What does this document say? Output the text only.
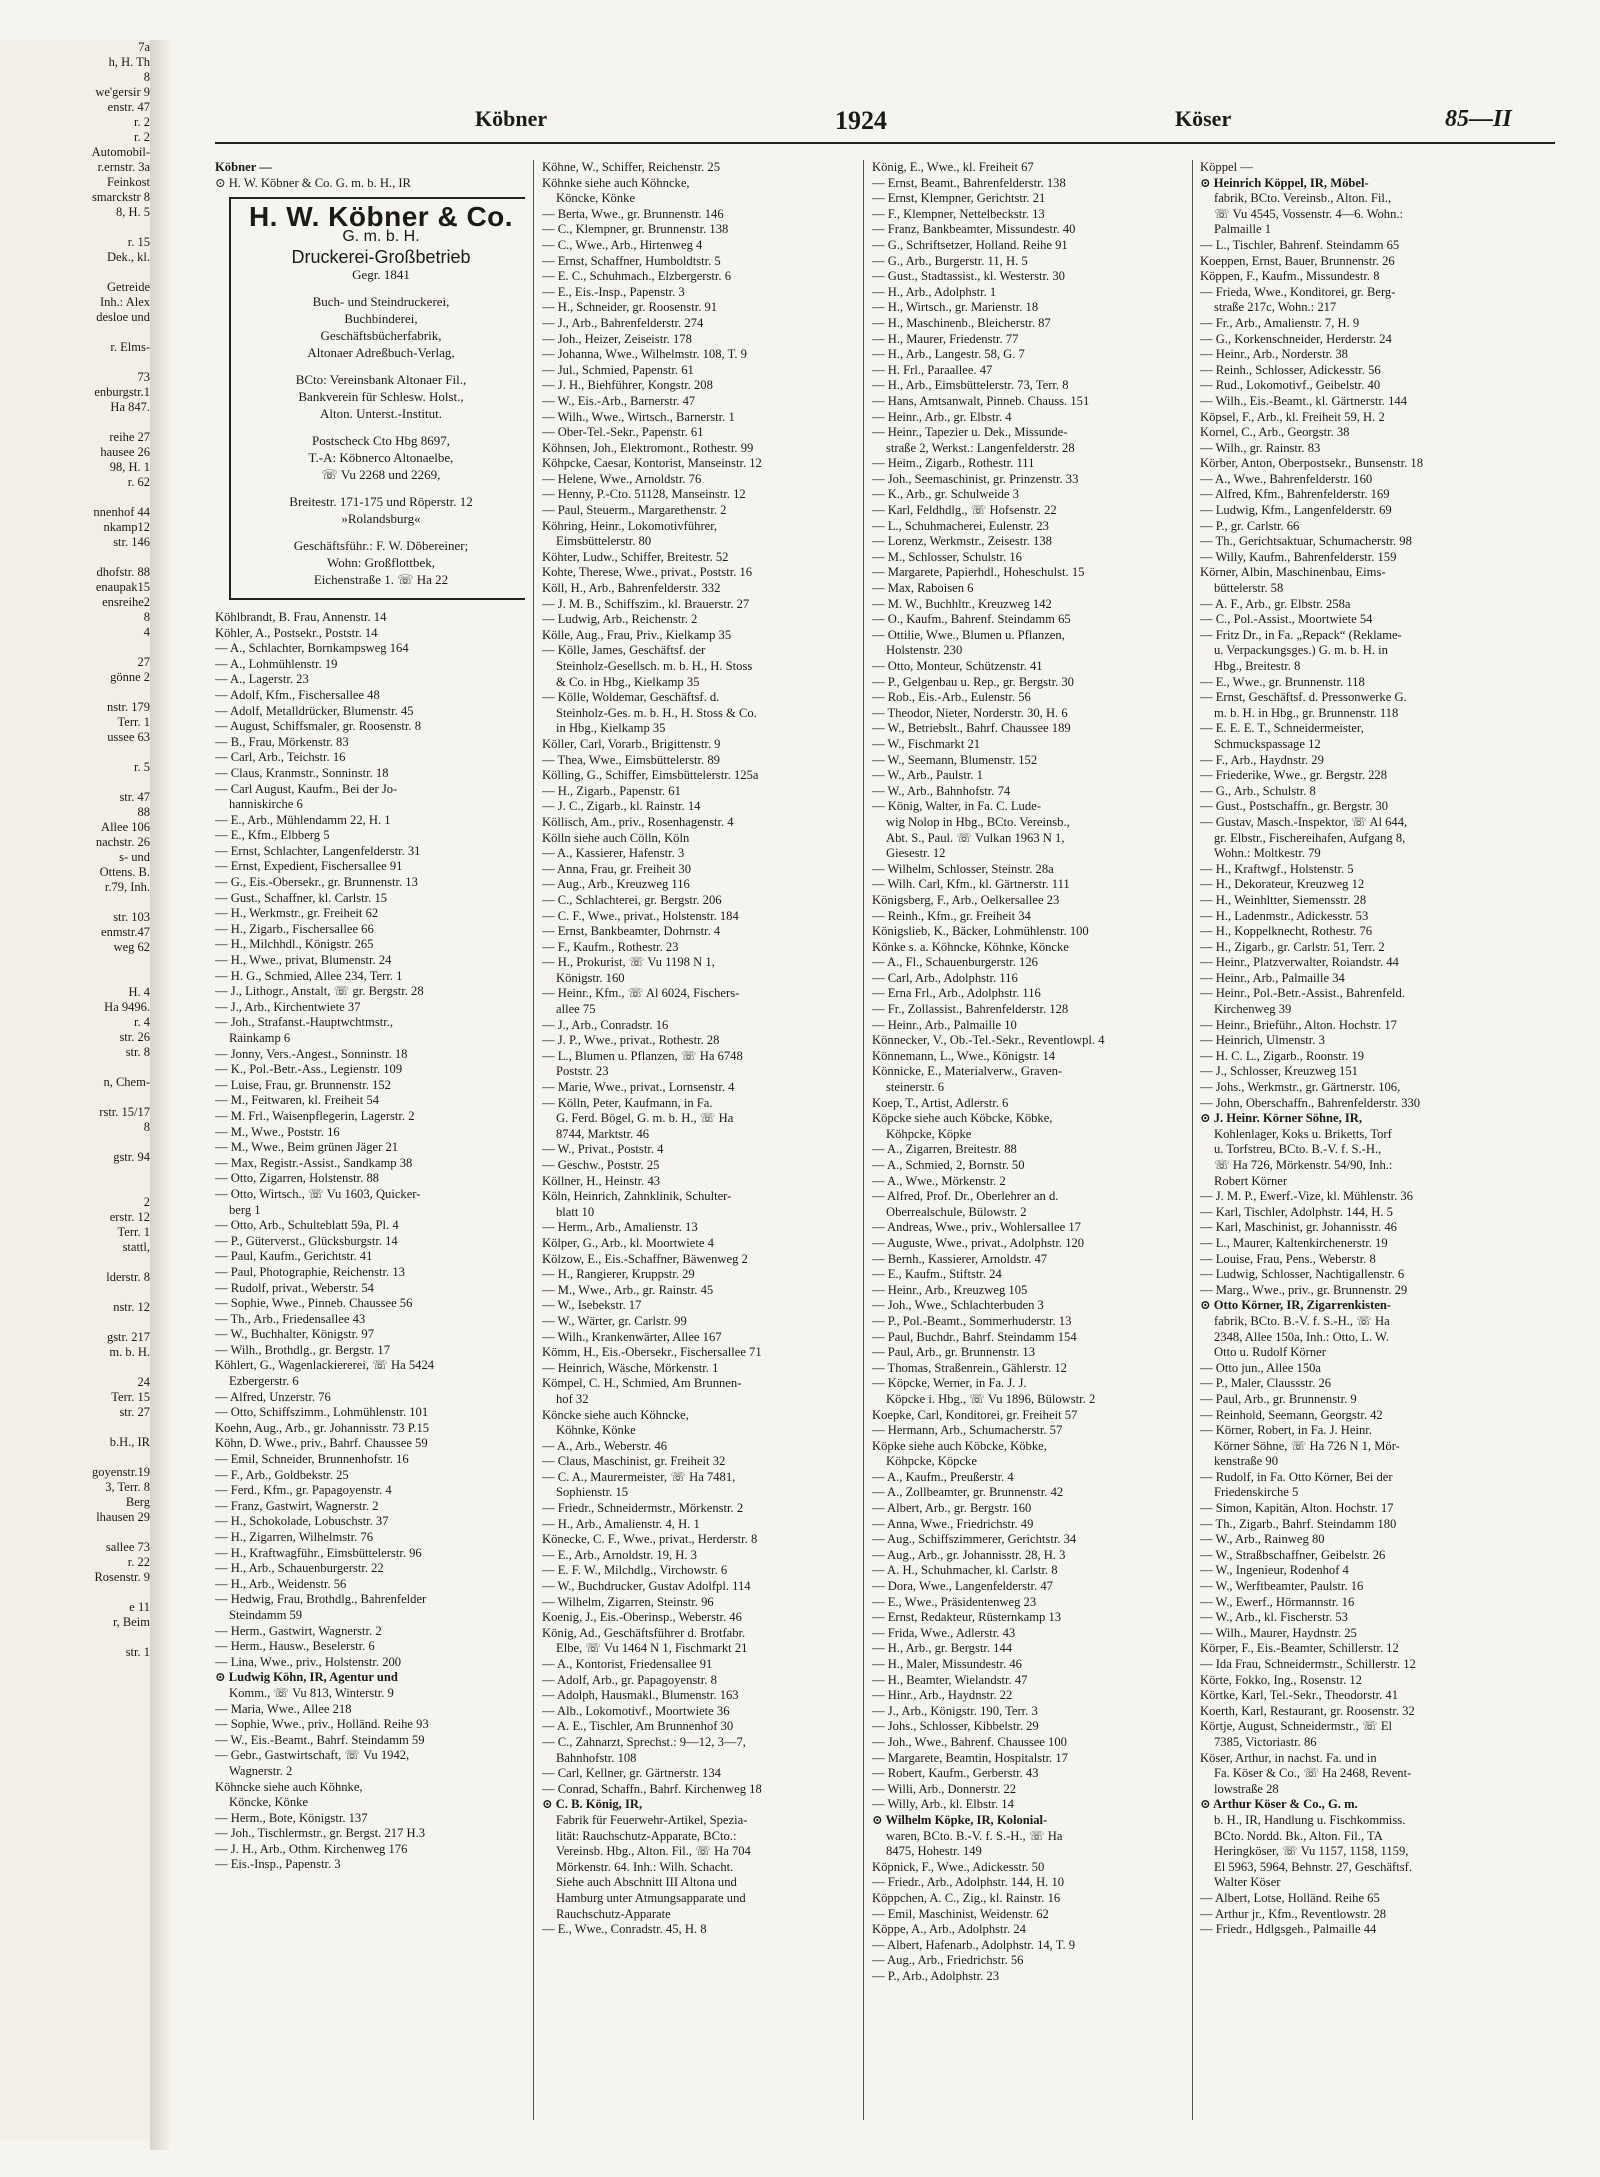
7a
h, H. Th
8
we'gersir 9
enstr. 47
r. 2
r. 2
Automobil-
r.ernstr. 3a
Feinkost
smarckstr 8
8, H. 5

r. 15
Dek., kl.

Getreide
Inh.: Alex
desloe und

r. Elms-

73
enburgstr.1
Ha 847.

reihe 27
hausee 26
98, H. 1
r. 62

nnenhof 44
nkamp12
str. 146

dhofstr. 88
enaupak15
ensreihe2
8
4

27
gönne 2

nstr. 179
Terr. 1
ussee 63

r. 5

str. 47
88
Allee 106
nachstr. 26
s- und
Ottens. B.
r.79, Inh.

str. 103
enmstr.47
weg 62

H. 4
Ha 9496.
r. 4
str. 26
str. 8

n, Chem-

rstr. 15/17
8

gstr. 94

2
erstr. 12
Terr. 1
stattl,

lderstr. 8

nstr. 12

gstr. 217
m. b. H.

24
Terr. 15
str. 27

b.H., IR

goyenstr.19
3, Terr. 8
Berg
lhausen 29

sallee 73
r. 22
Rosenstr. 9

e 11
r, Beim

str. 1
Köbner	1924	Köser	85—II
Köbner —
⊙ H. W. Köbner & Co. G. m. b. H., IR
H. W. Köbner & Co.
G. m. b. H.
Druckerei-Großbetrieb
Gegr. 1841
Buch- und Steindruckerei,
Buchbinderei,
Geschäftsbücherfabrik,
Altonaer Adreßbuch-Verlag,
BCto: Vereinsbank Altonaer Fil.,
Bankverein für Schlesw. Holst.,
Alton. Unterst.-Institut.
Postscheck Cto Hbg 8697,
T.-A: Köbnerco Altonaelbe,
☏ Vu 2268 und 2269,
Breitestr. 171-175 und Röperstr. 12
»Rolandsburg«
Geschäftsführ.: F. W. Döbereiner;
Wohn: Großflottbek,
Eichenstraße 1. ☏ Ha 22
Köhlbrandt, B. Frau, Annenstr. 14
Köhler, A., Postsekr., Poststr. 14
— A., Schlachter, Bornkampsweg 164
— A., Lohmühlenstr. 19
— A., Lagerstr. 23
— Adolf, Kfm., Fischersallee 48
— Adolf, Metalldrücker, Blumenstr. 45
— August, Schiffsmaler, gr. Roosenstr. 8
— B., Frau, Mörkenstr. 83
— Carl, Arb., Teichstr. 16
— Claus, Kranmstr., Sonninstr. 18
— Carl August, Kaufm., Bei der Jo-
hanniskirche 6
— E., Arb., Mühlendamm 22, H. 1
— E., Kfm., Elbberg 5
— Ernst, Schlachter, Langenfelderstr. 31
— Ernst, Expedient, Fischersallee 91
— G., Eis.-Obersekr., gr. Brunnenstr. 13
— Gust., Schaffner, kl. Carlstr. 15
— H., Werkmstr., gr. Freiheit 62
— H., Zigarb., Fischersallee 66
— H., Milchhdl., Königstr. 265
— H., Wwe., privat, Blumenstr. 24
— H. G., Schmied, Allee 234, Terr. 1
— J., Lithogr., Anstalt, ☏ gr. Bergstr. 28
— J., Arb., Kirchentwiete 37
— Joh., Strafanst.-Hauptwchtmstr.,
Rainkamp 6
— Jonny, Vers.-Angest., Sonninstr. 18
— K., Pol.-Betr.-Ass., Legienstr. 109
— Luise, Frau, gr. Brunnenstr. 152
— M., Feitwaren, kl. Freiheit 54
— M. Frl., Waisenpflegerin, Lagerstr. 2
— M., Wwe., Poststr. 16
— M., Wwe., Beim grünen Jäger 21
— Max, Registr.-Assist., Sandkamp 38
— Otto, Zigarren, Holstenstr. 88
— Otto, Wirtsch., ☏ Vu 1603, Quicker-
berg 1
— Otto, Arb., Schulteblatt 59a, Pl. 4
— P., Güterverst., Glücksburgstr. 14
— Paul, Kaufm., Gerichtstr. 41
— Paul, Photographie, Reichenstr. 13
— Rudolf, privat., Weberstr. 54
— Sophie, Wwe., Pinneb. Chaussee 56
— Th., Arb., Friedensallee 43
— W., Buchhalter, Königstr. 97
— Wilh., Brothdlg., gr. Bergstr. 17
Köhlert, G., Wagenlackiererei, ☏ Ha 5424
Ezbergerstr. 6
— Alfred, Unzerstr. 76
— Otto, Schiffszimm., Lohmühlenstr. 101
Koehn, Aug., Arb., gr. Johannisstr. 73 P.15
Köhn, D. Wwe., priv., Bahrf. Chaussee 59
— Emil, Schneider, Brunnenhofstr. 16
— F., Arb., Goldbekstr. 25
— Ferd., Kfm., gr. Papagoyenstr. 4
— Franz, Gastwirt, Wagnerstr. 2
— H., Schokolade, Lobuschstr. 37
— H., Zigarren, Wilhelmstr. 76
— H., Kraftwagführ., Eimsbüttelerstr. 96
— H., Arb., Schauenburgerstr. 22
— H., Arb., Weidenstr. 56
— Hedwig, Frau, Brothdlg., Bahrenfelder
Steindamm 59
— Herm., Gastwirt, Wagnerstr. 2
— Herm., Hausw., Beselerstr. 6
— Lina, Wwe., priv., Holstenstr. 200
⊙ Ludwig Köhn, IR, Agentur und
Komm., ☏ Vu 813, Winterstr. 9
— Maria, Wwe., Allee 218
— Sophie, Wwe., priv., Holländ. Reihe 93
— W., Eis.-Beamt., Bahrf. Steindamm 59
— Gebr., Gastwirtschaft, ☏ Vu 1942,
Wagnerstr. 2
Köhncke siehe auch Köhnke,
Köncke, Könke
— Herm., Bote, Königstr. 137
— Joh., Tischlermstr., gr. Bergst. 217 H.3
— J. H., Arb., Othm. Kirchenweg 176
— Eis.-Insp., Papenstr. 3
Köhne, W., Schiffer, Reichenstr. 25
Köhnke siehe auch Köhncke,
Köncke, Könke
— Berta, Wwe., gr. Brunnenstr. 146
— C., Klempner, gr. Brunnenstr. 138
— C., Wwe., Arb., Hirtenweg 4
— Ernst, Schaffner, Humboldtstr. 5
— E. C., Schuhmach., Elzbergerstr. 6
— E., Eis.-Insp., Papenstr. 3
— H., Schneider, gr. Roosenstr. 91
— J., Arb., Bahrenfelderstr. 274
— Joh., Heizer, Zeiseistr. 178
— Johanna, Wwe., Wilhelmstr. 108, T. 9
— Jul., Schmied, Papenstr. 61
— J. H., Biehführer, Kongstr. 208
— W., Eis.-Arb., Barnerstr. 47
— Wilh., Wwe., Wirtsch., Barnerstr. 1
— Ober-Tel.-Sekr., Papenstr. 61
Köhnsen, Joh., Elektromont., Rothestr. 99
Köhpcke, Caesar, Kontorist, Manseinstr. 12
— Helene, Wwe., Arnoldstr. 76
— Henny, P.-Cto. 51128, Manseinstr. 12
— Paul, Steuerm., Margarethenstr. 2
Köhring, Heinr., Lokomotivführer,
Eimsbüttelerstr. 80
Köhter, Ludw., Schiffer, Breitestr. 52
Kohte, Therese, Wwe., privat., Poststr. 16
Köll, H., Arb., Bahrenfelderstr. 332
— J. M. B., Schiffszim., kl. Brauerstr. 27
— Ludwig, Arb., Reichenstr. 2
Kölle, Aug., Frau, Priv., Kielkamp 35
— Kölle, James, Geschäftsf. der
Steinholz-Gesellsch. m. b. H., H. Stoss
& Co. in Hbg., Kielkamp 35
— Kölle, Woldemar, Geschäftsf. d.
Steinholz-Ges. m. b. H., H. Stoss & Co.
in Hbg., Kielkamp 35
Köller, Carl, Vorarb., Brigittenstr. 9
— Thea, Wwe., Eimsbüttelerstr. 89
Kölling, G., Schiffer, Eimsbüttelerstr. 125a
— H., Zigarb., Papenstr. 61
— J. C., Zigarb., kl. Rainstr. 14
Köllisch, Am., priv., Rosenhagenstr. 4
Kölln siehe auch Cölln, Köln
— A., Kassierer, Hafenstr. 3
— Anna, Frau, gr. Freiheit 30
— Aug., Arb., Kreuzweg 116
— C., Schlachterei, gr. Bergstr. 206
— C. F., Wwe., privat., Holstenstr. 184
— Ernst, Bankbeamter, Dohrnstr. 4
— F., Kaufm., Rothestr. 23
— H., Prokurist, ☏ Vu 1198 N 1,
Königstr. 160
— Heinr., Kfm., ☏ Al 6024, Fischers-
allee 75
— J., Arb., Conradstr. 16
— J. P., Wwe., privat., Rothestr. 28
— L., Blumen u. Pflanzen, ☏ Ha 6748
Poststr. 23
— Marie, Wwe., privat., Lornsenstr. 4
— Kölln, Peter, Kaufmann, in Fa.
G. Ferd. Bögel, G. m. b. H., ☏ Ha
8744, Marktstr. 46
— W., Privat., Poststr. 4
— Geschw., Poststr. 25
Köllner, H., Heinstr. 43
Köln, Heinrich, Zahnklinik, Schulter-
blatt 10
— Herm., Arb., Amalienstr. 13
Kölper, G., Arb., kl. Moortwiete 4
Kölzow, E., Eis.-Schaffner, Bäwenweg 2
— H., Rangierer, Kruppstr. 29
— M., Wwe., Arb., gr. Rainstr. 45
— W., Isebekstr. 17
— W., Wärter, gr. Carlstr. 99
— Wilh., Krankenwärter, Allee 167
Kömm, H., Eis.-Obersekr., Fischersallee 71
— Heinrich, Wäsche, Mörkenstr. 1
Kömpel, C. H., Schmied, Am Brunnen-
hof 32
Köncke siehe auch Köhncke,
Köhnke, Könke
— A., Arb., Weberstr. 46
— Claus, Maschinist, gr. Freiheit 32
— C. A., Maurermeister, ☏ Ha 7481,
Sophienstr. 15
— Friedr., Schneidermstr., Mörkenstr. 2
— H., Arb., Amalienstr. 4, H. 1
Könecke, C. F., Wwe., privat., Herderstr. 8
— E., Arb., Arnoldstr. 19, H. 3
— E. F. W., Milchdlg., Virchowstr. 6
— W., Buchdrucker, Gustav Adolfpl. 114
— Wilhelm, Zigarren, Steinstr. 96
Koenig, J., Eis.-Oberinsp., Weberstr. 46
König, Ad., Geschäftsführer d. Brotfabr.
Elbe, ☏ Vu 1464 N 1, Fischmarkt 21
— A., Kontorist, Friedensallee 91
— Adolf, Arb., gr. Papagoyenstr. 8
— Adolph, Hausmakl., Blumenstr. 163
— Alb., Lokomotivf., Moortwiete 36
— A. E., Tischler, Am Brunnenhof 30
— C., Zahnarzt, Sprechst.: 9—12, 3—7,
Bahnhofstr. 108
— Carl, Kellner, gr. Gärtnerstr. 134
— Conrad, Schaffn., Bahrf. Kirchenweg 18
⊙ C. B. König, IR,
Fabrik für Feuerwehr-Artikel, Spezia-
lität: Rauchschutz-Apparate, BCto.:
Vereinsb. Hbg., Alton. Fil., ☏ Ha 704
Mörkenstr. 64. Inh.: Wilh. Schacht.
Siehe auch Abschnitt III Altona und
Hamburg unter Atmungsapparate und
Rauchschutz-Apparate
— E., Wwe., Conradstr. 45, H. 8
König, E., Wwe., kl. Freiheit 67
— Ernst, Beamt., Bahrenfelderstr. 138
— Ernst, Klempner, Gerichtstr. 21
— F., Klempner, Nettelbeckstr. 13
— Franz, Bankbeamter, Missundestr. 40
— G., Schriftsetzer, Holland. Reihe 91
— G., Arb., Burgerstr. 11, H. 5
— Gust., Stadtassist., kl. Westerstr. 30
— H., Arb., Adolphstr. 1
— H., Wirtsch., gr. Marienstr. 18
— H., Maschinenb., Bleicherstr. 87
— H., Maurer, Friedenstr. 77
— H., Arb., Langestr. 58, G. 7
— H. Frl., Paraallee. 47
— H., Arb., Eimsbüttelerstr. 73, Terr. 8
— Hans, Amtsanwalt, Pinneb. Chauss. 151
— Heinr., Arb., gr. Elbstr. 4
— Heinr., Tapezier u. Dek., Missunde-
straße 2, Werkst.: Langenfelderstr. 28
— Heim., Zigarb., Rothestr. 111
— Joh., Seemaschinist, gr. Prinzenstr. 33
— K., Arb., gr. Schulweide 3
— Karl, Feldhdlg., ☏ Hofsenstr. 22
— L., Schuhmacherei, Eulenstr. 23
— Lorenz, Werkmstr., Zeisestr. 138
— M., Schlosser, Schulstr. 16
— Margarete, Papierhdl., Hoheschulst. 15
— Max, Raboisen 6
— M. W., Buchhltr., Kreuzweg 142
— O., Kaufm., Bahrenf. Steindamm 65
— Ottilie, Wwe., Blumen u. Pflanzen,
Holstenstr. 230
— Otto, Monteur, Schützenstr. 41
— P., Gelgenbau u. Rep., gr. Bergstr. 30
— Rob., Eis.-Arb., Eulenstr. 56
— Theodor, Nieter, Norderstr. 30, H. 6
— W., Betriebslt., Bahrf. Chaussee 189
— W., Fischmarkt 21
— W., Seemann, Blumenstr. 152
— W., Arb., Paulstr. 1
— W., Arb., Bahnhofstr. 74
— König, Walter, in Fa. C. Lude-
wig Nolop in Hbg., BCto. Vereinsb.,
Abt. S., Paul. ☏ Vulkan 1963 N 1,
Giesestr. 12
— Wilhelm, Schlosser, Steinstr. 28a
— Wilh. Carl, Kfm., kl. Gärtnerstr. 111
Königsberg, F., Arb., Oelkersallee 23
— Reinh., Kfm., gr. Freiheit 34
Königslieb, K., Bäcker, Lohmühlenstr. 100
Könke s. a. Köhncke, Köhnke, Köncke
— A., Fl., Schauenburgerstr. 126
— Carl, Arb., Adolphstr. 116
— Erna Frl., Arb., Adolphstr. 116
— Fr., Zollassist., Bahrenfelderstr. 128
— Heinr., Arb., Palmaille 10
Könnecker, V., Ob.-Tel.-Sekr., Reventlowpl. 4
Könnemann, L., Wwe., Königstr. 14
Könnicke, E., Materialverw., Graven-
steinerstr. 6
Koep, T., Artist, Adlerstr. 6
Köpcke siehe auch Köbcke, Köbke,
Köhpcke, Köpke
— A., Zigarren, Breitestr. 88
— A., Schmied, 2, Bornstr. 50
— A., Wwe., Mörkenstr. 2
— Alfred, Prof. Dr., Oberlehrer an d.
Oberrealschule, Bülowstr. 2
— Andreas, Wwe., priv., Wohlersallee 17
— Auguste, Wwe., privat., Adolphstr. 120
— Bernh., Kassierer, Arnoldstr. 47
— E., Kaufm., Stiftstr. 24
— Heinr., Arb., Kreuzweg 105
— Joh., Wwe., Schlachterbuden 3
— P., Pol.-Beamt., Sommerhuderstr. 13
— Paul, Buchdr., Bahrf. Steindamm 154
— Paul, Arb., gr. Brunnenstr. 13
— Thomas, Straßenrein., Gählerstr. 12
— Köpcke, Werner, in Fa. J. J.
Köpcke i. Hbg., ☏ Vu 1896, Bülowstr. 2
Koepke, Carl, Konditorei, gr. Freiheit 57
— Hermann, Arb., Schumacherstr. 57
Köpke siehe auch Köbcke, Köbke,
Köhpcke, Köpcke
— A., Kaufm., Preußerstr. 4
— A., Zollbeamter, gr. Brunnenstr. 42
— Albert, Arb., gr. Bergstr. 160
— Anna, Wwe., Friedrichstr. 49
— Aug., Schiffszimmerer, Gerichtstr. 34
— Aug., Arb., gr. Johannisstr. 28, H. 3
— A. H., Schuhmacher, kl. Carlstr. 8
— Dora, Wwe., Langenfelderstr. 47
— E., Wwe., Präsidentenweg 23
— Ernst, Redakteur, Rüsternkamp 13
— Frida, Wwe., Adlerstr. 43
— H., Arb., gr. Bergstr. 144
— H., Maler, Missundestr. 46
— H., Beamter, Wielandstr. 47
— Hinr., Arb., Haydnstr. 22
— J., Arb., Königstr. 190, Terr. 3
— Johs., Schlosser, Kibbelstr. 29
— Joh., Wwe., Bahrenf. Chaussee 100
— Margarete, Beamtin, Hospitalstr. 17
— Robert, Kaufm., Gerberstr. 43
— Willi, Arb., Donnerstr. 22
— Willy, Arb., kl. Elbstr. 14
⊙ Wilhelm Köpke, IR, Kolonial-
waren, BCto. B.-V. f. S.-H., ☏ Ha
8475, Hohestr. 149
Köpnick, F., Wwe., Adickesstr. 50
— Friedr., Arb., Adolphstr. 144, H. 10
Köppchen, A. C., Zig., kl. Rainstr. 16
— Emil, Maschinist, Weidenstr. 62
Köppe, A., Arb., Adolphstr. 24
— Albert, Hafenarb., Adolphstr. 14, T. 9
— Aug., Arb., Friedrichstr. 56
— P., Arb., Adolphstr. 23
Köppel —
⊙ Heinrich Köppel, IR, Möbel-
fabrik, BCto. Vereinsb., Alton. Fil.,
☏ Vu 4545, Vossenstr. 4—6. Wohn.:
Palmaille 1
— L., Tischler, Bahrenf. Steindamm 65
Koeppen, Ernst, Bauer, Brunnenstr. 26
Köppen, F., Kaufm., Missundestr. 8
— Frieda, Wwe., Konditorei, gr. Berg-
straße 217c, Wohn.: 217
— Fr., Arb., Amalienstr. 7, H. 9
— G., Korkenschneider, Herderstr. 24
— Heinr., Arb., Norderstr. 38
— Reinh., Schlosser, Adickesstr. 56
— Rud., Lokomotivf., Geibelstr. 40
— Wilh., Eis.-Beamt., kl. Gärtnerstr. 144
Köpsel, F., Arb., kl. Freiheit 59, H. 2
Kornel, C., Arb., Georgstr. 38
— Wilh., gr. Rainstr. 83
Körber, Anton, Oberpostsekr., Bunsenstr. 18
— A., Wwe., Bahrenfelderstr. 160
— Alfred, Kfm., Bahrenfelderstr. 169
— Ludwig, Kfm., Langenfelderstr. 69
— P., gr. Carlstr. 66
— Th., Gerichtsaktuar, Schumacherstr. 98
— Willy, Kaufm., Bahrenfelderstr. 159
Körner, Albin, Maschinenbau, Eims-
büttelerstr. 58
— A. F., Arb., gr. Elbstr. 258a
— C., Pol.-Assist., Moortwiete 54
— Fritz Dr., in Fa. „Repack“ (Reklame-
u. Verpackungsges.) G. m. b. H. in
Hbg., Breitestr. 8
— E., Wwe., gr. Brunnenstr. 118
— Ernst, Geschäftsf. d. Pressonwerke G.
m. b. H. in Hbg., gr. Brunnenstr. 118
— E. E. E. T., Schneidermeister,
Schmuckspassage 12
— F., Arb., Haydnstr. 29
— Friederike, Wwe., gr. Bergstr. 228
— G., Arb., Schulstr. 8
— Gust., Postschaffn., gr. Bergstr. 30
— Gustav, Masch.-Inspektor, ☏ Al 644,
gr. Elbstr., Fischereihafen, Aufgang 8,
Wohn.: Moltkestr. 79
— H., Kraftwgf., Holstenstr. 5
— H., Dekorateur, Kreuzweg 12
— H., Weinhltter, Siemensstr. 28
— H., Ladenmstr., Adickesstr. 53
— H., Koppelknecht, Rothestr. 76
— H., Zigarb., gr. Carlstr. 51, Terr. 2
— Heinr., Platzverwalter, Roiandstr. 44
— Heinr., Arb., Palmaille 34
— Heinr., Pol.-Betr.-Assist., Bahrenfeld.
Kirchenweg 39
— Heinr., Brieführ., Alton. Hochstr. 17
— Heinrich, Ulmenstr. 3
— H. C. L., Zigarb., Roonstr. 19
— J., Schlosser, Kreuzweg 151
— Johs., Werkmstr., gr. Gärtnerstr. 106,
— John, Oberschaffn., Bahrenfelderstr. 330
⊙ J. Heinr. Körner Söhne, IR,
Kohlenlager, Koks u. Briketts, Torf
u. Torfstreu, BCto. B.-V. f. S.-H.,
☏ Ha 726, Mörkenstr. 54/90, Inh.:
Robert Körner
— J. M. P., Ewerf.-Vize, kl. Mühlenstr. 36
— Karl, Tischler, Adolphstr. 144, H. 5
— Karl, Maschinist, gr. Johannisstr. 46
— L., Maurer, Kaltenkirchenerstr. 19
— Louise, Frau, Pens., Weberstr. 8
— Ludwig, Schlosser, Nachtigallenstr. 6
— Marg., Wwe., priv., gr. Brunnenstr. 29
⊙ Otto Körner, IR, Zigarrenkisten-
fabrik, BCto. B.-V. f. S.-H., ☏ Ha
2348, Allee 150a, Inh.: Otto, L. W.
Otto u. Rudolf Körner
— Otto jun., Allee 150a
— P., Maler, Claussstr. 26
— Paul, Arb., gr. Brunnenstr. 9
— Reinhold, Seemann, Georgstr. 42
— Körner, Robert, in Fa. J. Heinr.
Körner Söhne, ☏ Ha 726 N 1, Mör-
kenstraße 90
— Rudolf, in Fa. Otto Körner, Bei der
Friedenskirche 5
— Simon, Kapitän, Alton. Hochstr. 17
— Th., Zigarb., Bahrf. Steindamm 180
— W., Arb., Rainweg 80
— W., Straßbschaffner, Geibelstr. 26
— W., Ingenieur, Rodenhof 4
— W., Werftbeamter, Paulstr. 16
— W., Ewerf., Hörmannstr. 16
— W., Arb., kl. Fischerstr. 53
— Wilh., Maurer, Haydnstr. 25
Körper, F., Eis.-Beamter, Schillerstr. 12
— Ida Frau, Schneidermstr., Schillerstr. 12
Körte, Fokko, Ing., Rosenstr. 12
Körtke, Karl, Tel.-Sekr., Theodorstr. 41
Koerth, Karl, Restaurant, gr. Roosenstr. 32
Körtje, August, Schneidermstr., ☏ El
7385, Victoriastr. 86
Köser, Arthur, in nachst. Fa. und in
Fa. Köser & Co., ☏ Ha 2468, Revent-
lowstraße 28
⊙ Arthur Köser & Co., G. m.
b. H., IR, Handlung u. Fischkommiss.
BCto. Nordd. Bk., Alton. Fil., TA
Heringköser, ☏ Vu 1157, 1158, 1159,
El 5963, 5964, Behnstr. 27, Geschäftsf.
Walter Köser
— Albert, Lotse, Holländ. Reihe 65
— Arthur jr., Kfm., Reventlowstr. 28
— Friedr., Hdlgsgeh., Palmaille 44
